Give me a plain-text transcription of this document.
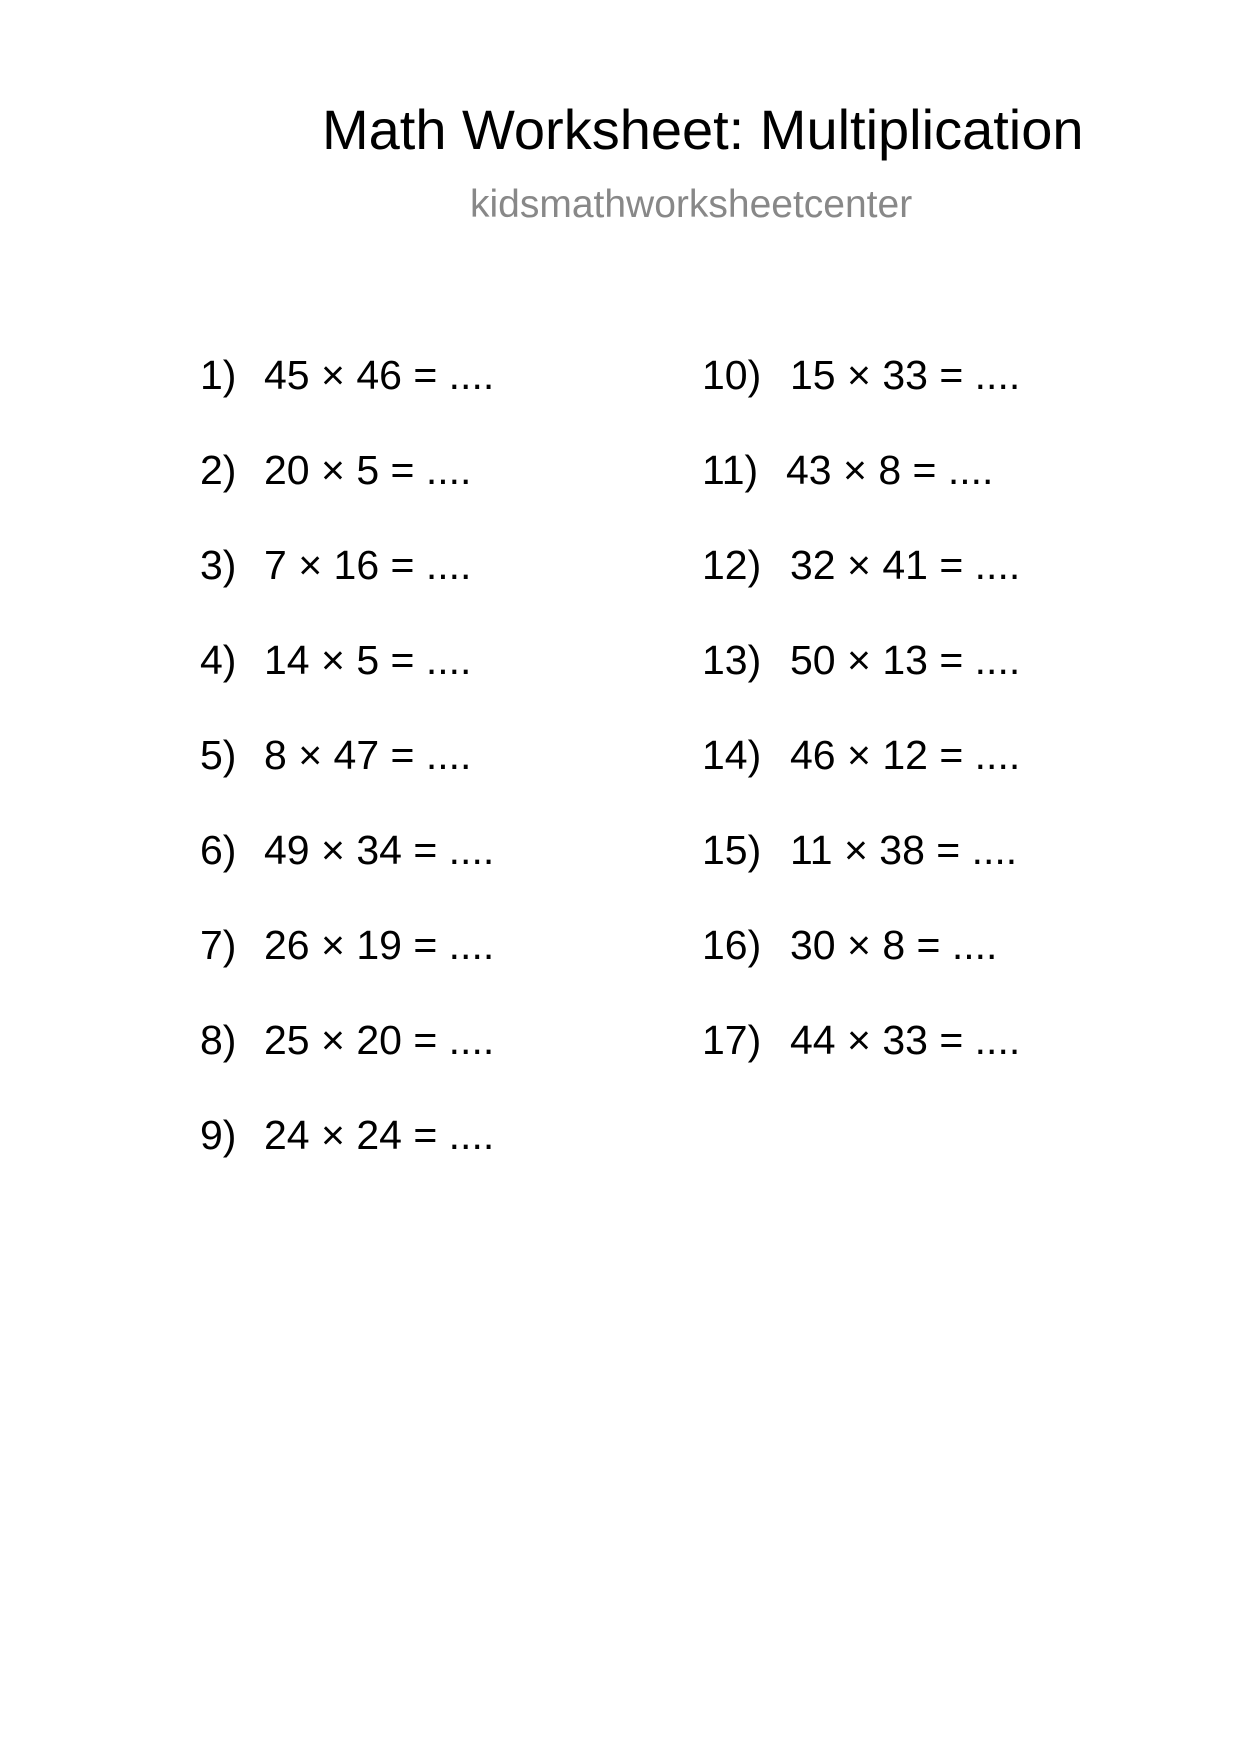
Math Worksheet: Multiplication
kidsmathworksheetcenter
1) 45 × 46 = ....
2) 20 × 5 = ....
3) 7 × 16 = ....
4) 14 × 5 = ....
5) 8 × 47 = ....
6) 49 × 34 = ....
7) 26 × 19 = ....
8) 25 × 20 = ....
9) 24 × 24 = ....
10) 15 × 33 = ....
11) 43 × 8 = ....
12) 32 × 41 = ....
13) 50 × 13 = ....
14) 46 × 12 = ....
15) 11 × 38 = ....
16) 30 × 8 = ....
17) 44 × 33 = ....
